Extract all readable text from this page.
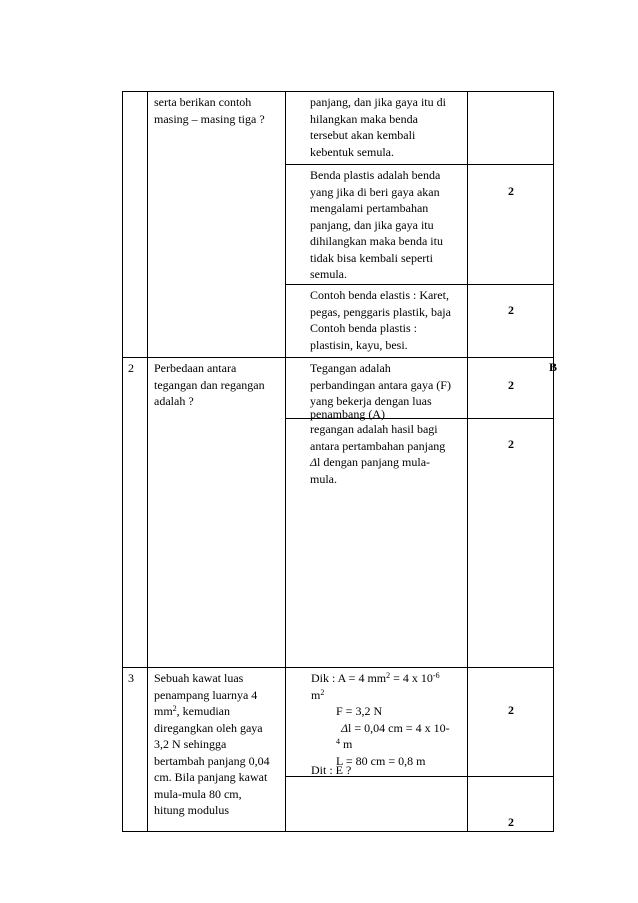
serta berikan contoh
masing – masing tiga ?
panjang, dan jika gaya itu di
hilangkan maka benda
tersebut akan kembali
kebentuk semula.
Benda plastis adalah benda
yang jika di beri gaya akan
mengalami pertambahan
panjang, dan jika gaya itu
dihilangkan maka benda itu
tidak bisa kembali seperti
semula.
2
Contoh benda elastis : Karet,
pegas, penggaris plastik, baja
Contoh benda plastis :
plastisin, kayu, besi.
2
2 Perbedaan antara
tegangan dan regangan
adalah ?
Tegangan adalah
perbandingan antara gaya (F)
yang bekerja dengan luas
penambang (A)
2
B
regangan adalah hasil bagi
antara pertambahan panjang
Δl dengan panjang mula-
mula.
2
3 Sebuah kawat luas
penampang luarnya 4
$mm^2$, kemudian
diregangkan oleh gaya
3,2 N sehingga
bertambah panjang 0,04
cm. Bila panjang kawat
mula-mula 80 cm,
hitung modulus
Dik : A = 4 $mm^2 = 4$ x $10^{-6}$
$m^2$
F = 3,2 N
Δl = 0,04 cm = 4 x 10-
$^4$ m
L = 80 cm = 0,8 m
Dit : E ?
2
2
